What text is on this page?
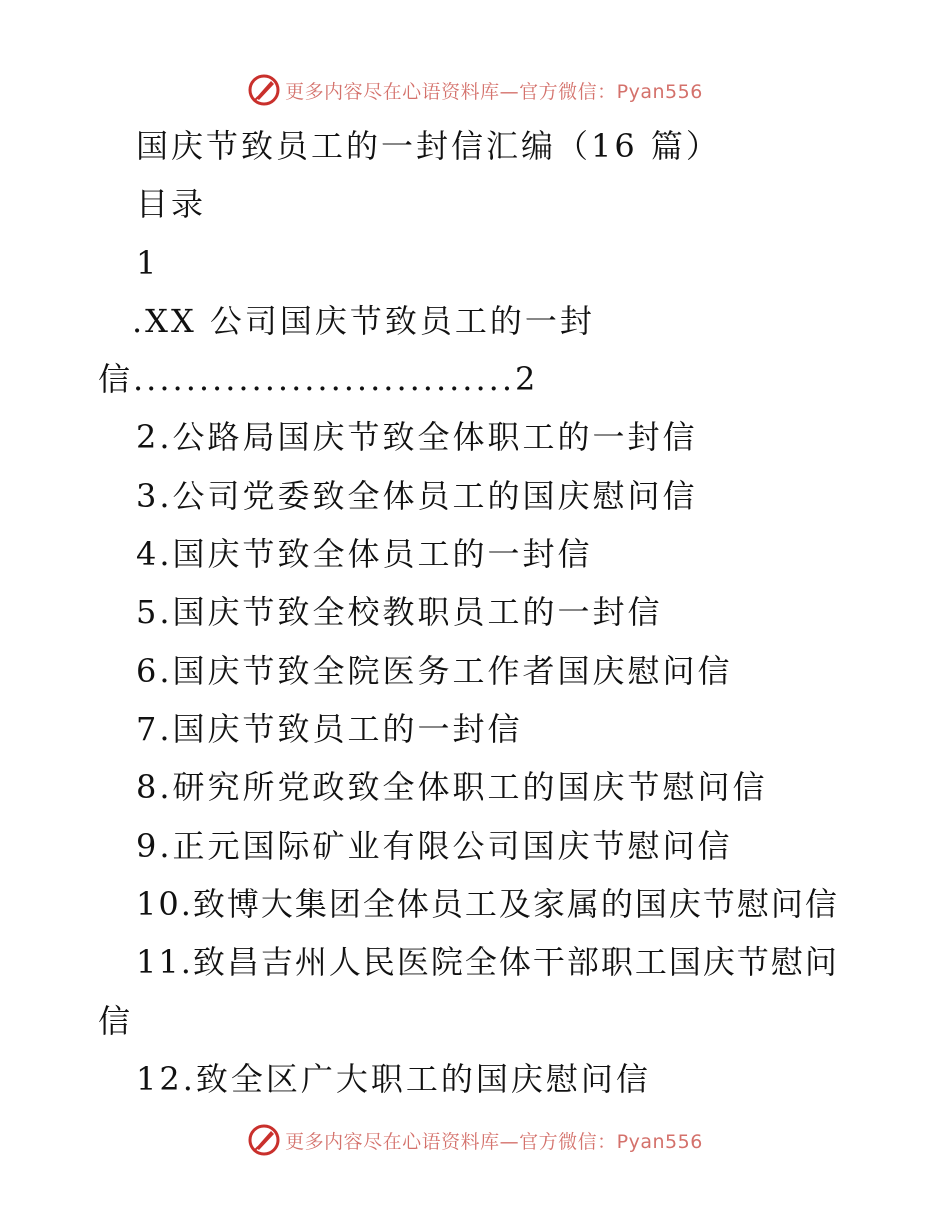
更多内容尽在心语资料库—官方微信：Pyan556
国庆节致员工的一封信汇编（16 篇）
目录
1
.XX 公司国庆节致员工的一封
信.............................2
2.公路局国庆节致全体职工的一封信
3.公司党委致全体员工的国庆慰问信
4.国庆节致全体员工的一封信
5.国庆节致全校教职员工的一封信
6.国庆节致全院医务工作者国庆慰问信
7.国庆节致员工的一封信
8.研究所党政致全体职工的国庆节慰问信
9.正元国际矿业有限公司国庆节慰问信
10.致博大集团全体员工及家属的国庆节慰问信
11.致昌吉州人民医院全体干部职工国庆节慰问
信
12.致全区广大职工的国庆慰问信
更多内容尽在心语资料库—官方微信：Pyan556
